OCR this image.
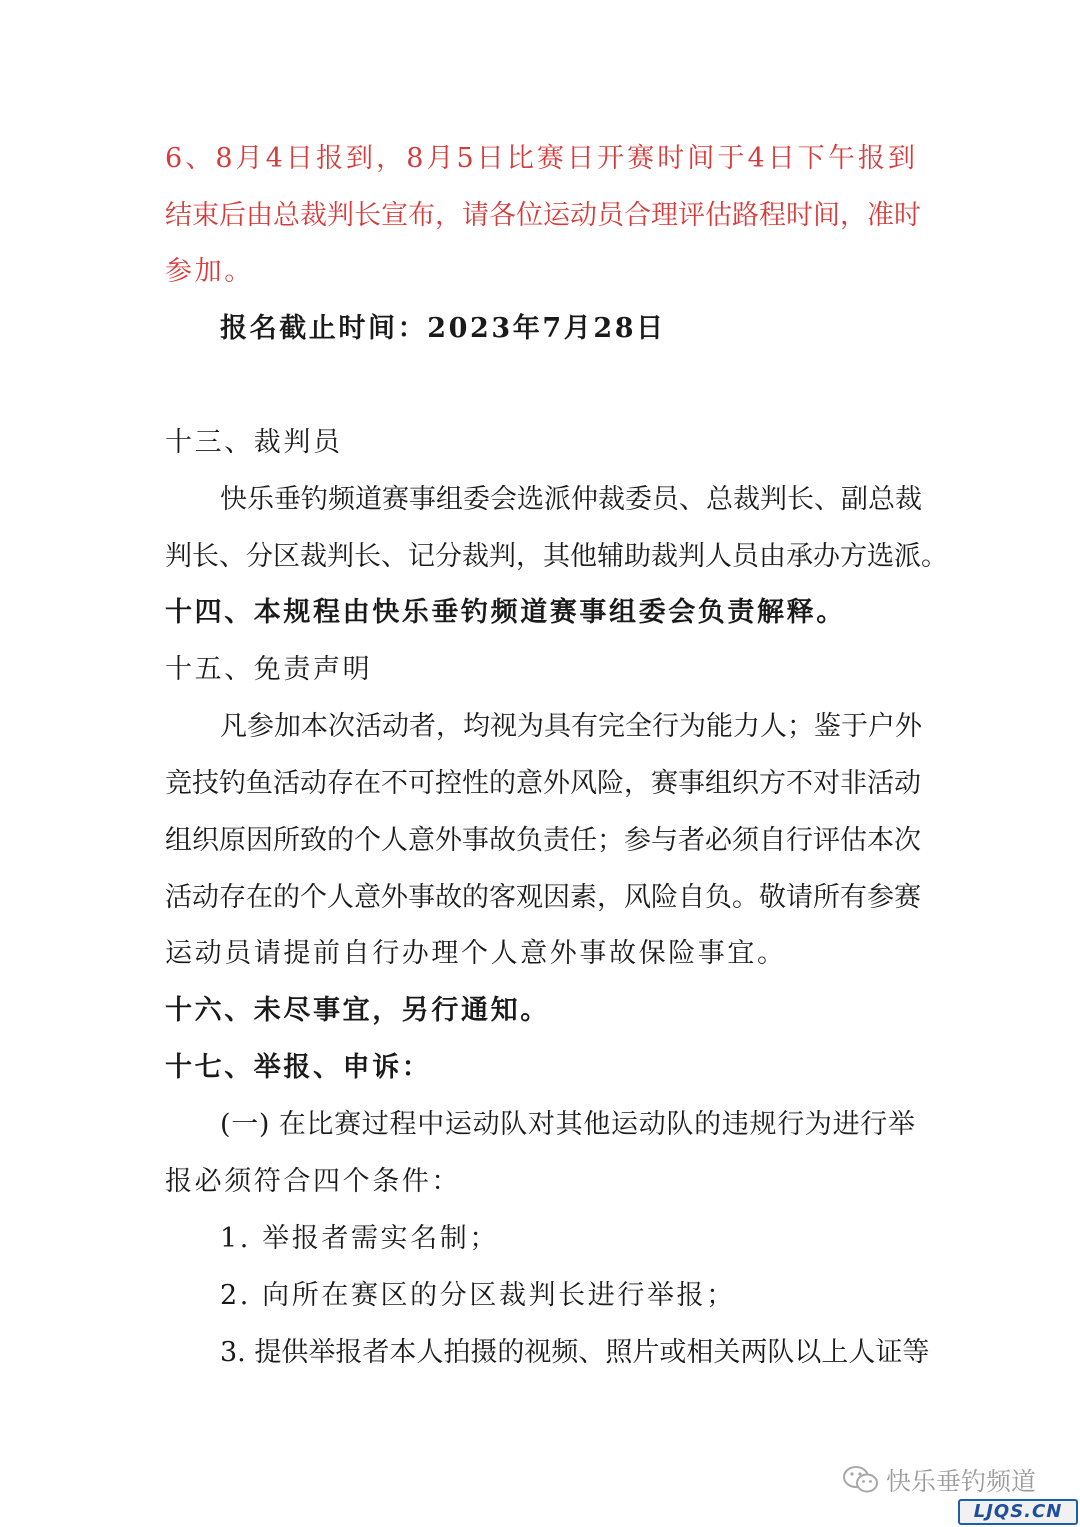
6、8月4日报到，8月5日比赛日开赛时间于4日下午报到
结束后由总裁判长宣布，请各位运动员合理评估路程时间，准时
参加。
报名截止时间：2023年7月28日
十三、裁判员
快乐垂钓频道赛事组委会选派仲裁委员、总裁判长、副总裁
判长、分区裁判长、记分裁判，其他辅助裁判人员由承办方选派。
十四、本规程由快乐垂钓频道赛事组委会负责解释。
十五、免责声明
凡参加本次活动者，均视为具有完全行为能力人；鉴于户外
竞技钓鱼活动存在不可控性的意外风险，赛事组织方不对非活动
组织原因所致的个人意外事故负责任；参与者必须自行评估本次
活动存在的个人意外事故的客观因素，风险自负。敬请所有参赛
运动员请提前自行办理个人意外事故保险事宜。
十六、未尽事宜，另行通知。
十七、举报、申诉：
(一) 在比赛过程中运动队对其他运动队的违规行为进行举
报必须符合四个条件：
1. 举报者需实名制；
2. 向所在赛区的分区裁判长进行举报；
3. 提供举报者本人拍摄的视频、照片或相关两队以上人证等
快乐垂钓频道
LJQS.CN
